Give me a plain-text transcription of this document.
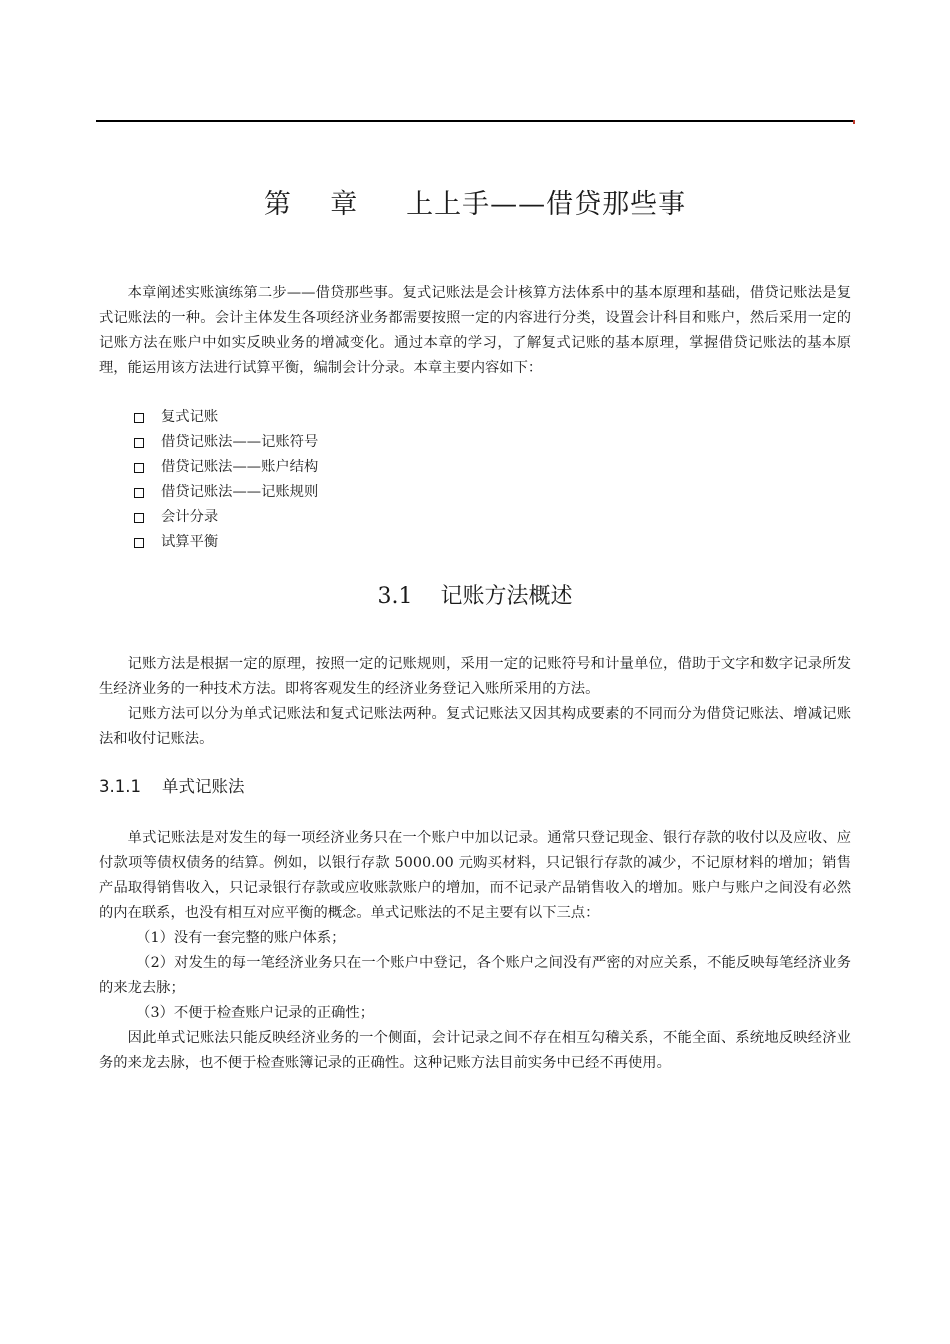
第    章     上上手——借贷那些事

本章阐述实账演练第二步——借贷那些事。复式记账法是会计核算方法体系中的基本原理和基础，借贷记账法是复式记账法的一种。会计主体发生各项经济业务都需要按照一定的内容进行分类，设置会计科目和账户，然后采用一定的记账方法在账户中如实反映业务的增减变化。通过本章的学习，了解复式记账的基本原理，掌握借贷记账法的基本原理，能运用该方法进行试算平衡，编制会计分录。本章主要内容如下：

复式记账
借贷记账法——记账符号
借贷记账法——账户结构
借贷记账法——记账规则
会计分录
试算平衡
3.1    记账方法概述

记账方法是根据一定的原理，按照一定的记账规则，采用一定的记账符号和计量单位，借助于文字和数字记录所发生经济业务的一种技术方法。即将客观发生的经济业务登记入账所采用的方法。

记账方法可以分为单式记账法和复式记账法两种。复式记账法又因其构成要素的不同而分为借贷记账法、增减记账法和收付记账法。

3.1.1    单式记账法

单式记账法是对发生的每一项经济业务只在一个账户中加以记录。通常只登记现金、银行存款的收付以及应收、应付款项等债权债务的结算。例如，以银行存款 5000.00 元购买材料，只记银行存款的减少，不记原材料的增加；销售产品取得销售收入，只记录银行存款或应收账款账户的增加，而不记录产品销售收入的增加。账户与账户之间没有必然的内在联系，也没有相互对应平衡的概念。单式记账法的不足主要有以下三点：

（1）没有一套完整的账户体系；

（2）对发生的每一笔经济业务只在一个账户中登记，各个账户之间没有严密的对应关系，不能反映每笔经济业务的来龙去脉；

（3）不便于检查账户记录的正确性；

因此单式记账法只能反映经济业务的一个侧面，会计记录之间不存在相互勾稽关系，不能全面、系统地反映经济业务的来龙去脉，也不便于检查账簿记录的正确性。这种记账方法目前实务中已经不再使用。
